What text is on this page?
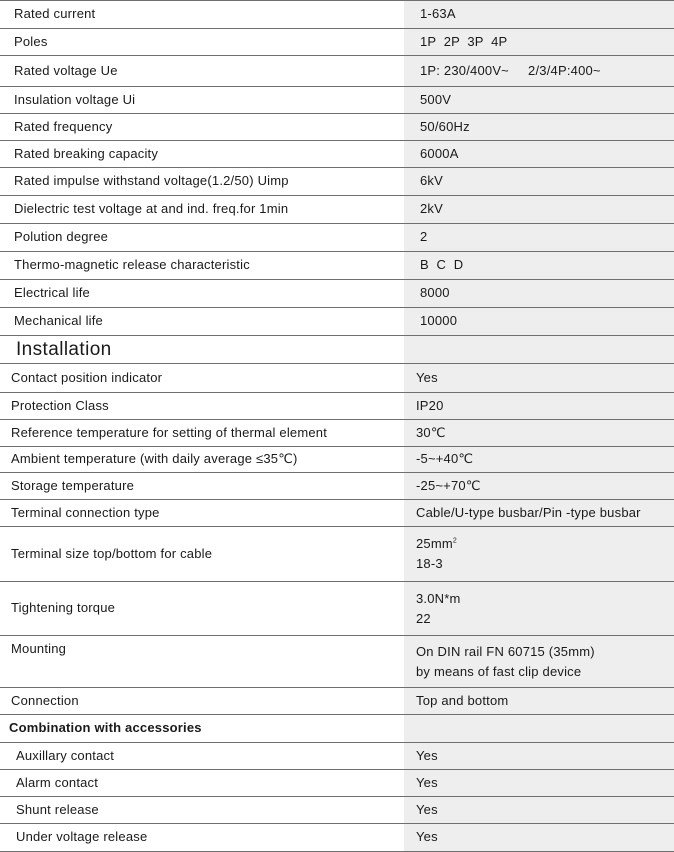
Rated current	1-63A
Poles	1P  2P  3P  4P
Rated voltage Ue	1P: 230/400V~     2/3/4P:400~
Insulation voltage Ui	500V
Rated frequency	50/60Hz
Rated breaking capacity	6000A
Rated impulse withstand voltage(1.2/50) Uimp	6kV
Dielectric test voltage at and ind. freq.for 1min	2kV
Polution degree	2
Thermo-magnetic release characteristic	B  C  D
Electrical life	8000
Mechanical life	10000
Installation	
Contact position indicator	Yes
Protection Class	IP20
Reference temperature for setting of thermal element	30℃
Ambient temperature (with daily average ≤35℃)	-5~+40℃
Storage temperature	-25~+70℃
Terminal connection type	Cable/U-type busbar/Pin -type busbar
Terminal size top/bottom for cable	$25mm^2$
18-3

Tightening torque	3.0N*m
22

Mounting	On DIN rail FN 60715 (35mm)
by means of fast clip device

Connection	Top and bottom
Combination with accessories	
Auxillary contact	Yes
Alarm contact	Yes
Shunt release	Yes
Under voltage release	Yes
